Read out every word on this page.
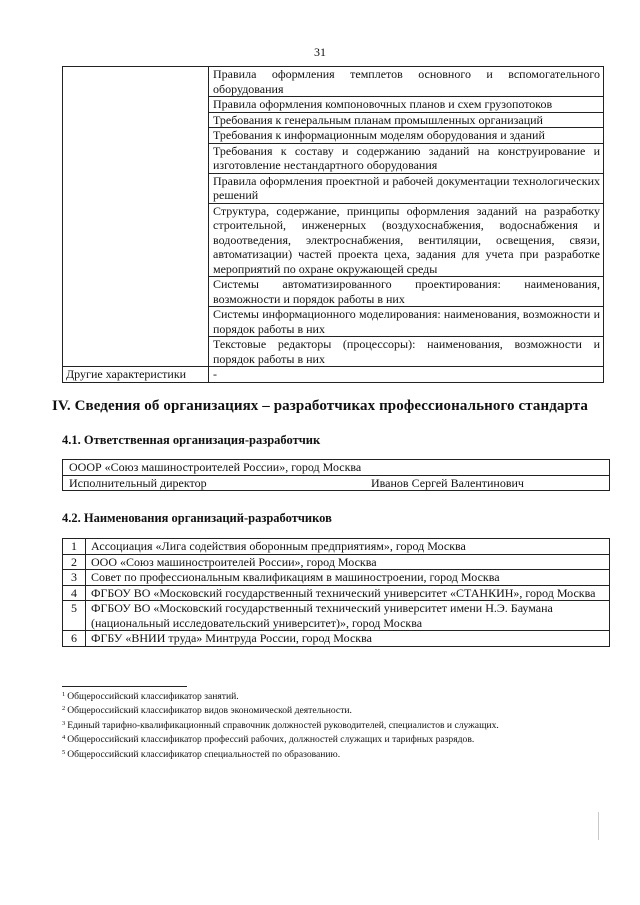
31
	Правила оформления темплетов основного и вспомогательного оборудования
	Правила оформления компоновочных планов и схем грузопотоков
	Требования к генеральным планам промышленных организаций
	Требования к информационным моделям оборудования и зданий
	Требования к составу и содержанию заданий на конструирование и изготовление нестандартного оборудования
	Правила оформления проектной и рабочей документации технологических решений
	Структура, содержание, принципы оформления заданий на разработку строительной, инженерных (воздухоснабжения, водоснабжения и водоотведения, электроснабжения, вентиляции, освещения, связи, автоматизации) частей проекта цеха, задания для учета при разработке мероприятий по охране окружающей среды
	Системы автоматизированного проектирования: наименования, возможности и порядок работы в них
	Системы информационного моделирования: наименования, возможности и порядок работы в них
	Текстовые редакторы (процессоры): наименования, возможности и порядок работы в них
Другие характеристики	-
IV. Сведения об организациях – разработчиках профессионального стандарта
4.1. Ответственная организация-разработчик
ОООР «Союз машиностроителей России», город Москва
Исполнительный директор	Иванов Сергей Валентинович
4.2. Наименования организаций-разработчиков
1	Ассоциация «Лига содействия оборонным предприятиям», город Москва
2	ООО «Союз машиностроителей России», город Москва
3	Совет по профессиональным квалификациям в машиностроении, город Москва
4	ФГБОУ ВО «Московский государственный технический университет «СТАНКИН», город Москва
5	ФГБОУ ВО «Московский государственный технический университет имени Н.Э. Баумана (национальный исследовательский университет)», город Москва
6	ФГБУ «ВНИИ труда» Минтруда России, город Москва
$^1$ Общероссийский классификатор занятий.
$^2$ Общероссийский классификатор видов экономической деятельности.
$^3$ Единый тарифно-квалификационный справочник должностей руководителей, специалистов и служащих.
$^4$ Общероссийский классификатор профессий рабочих, должностей служащих и тарифных разрядов.
$^5$ Общероссийский классификатор специальностей по образованию.
